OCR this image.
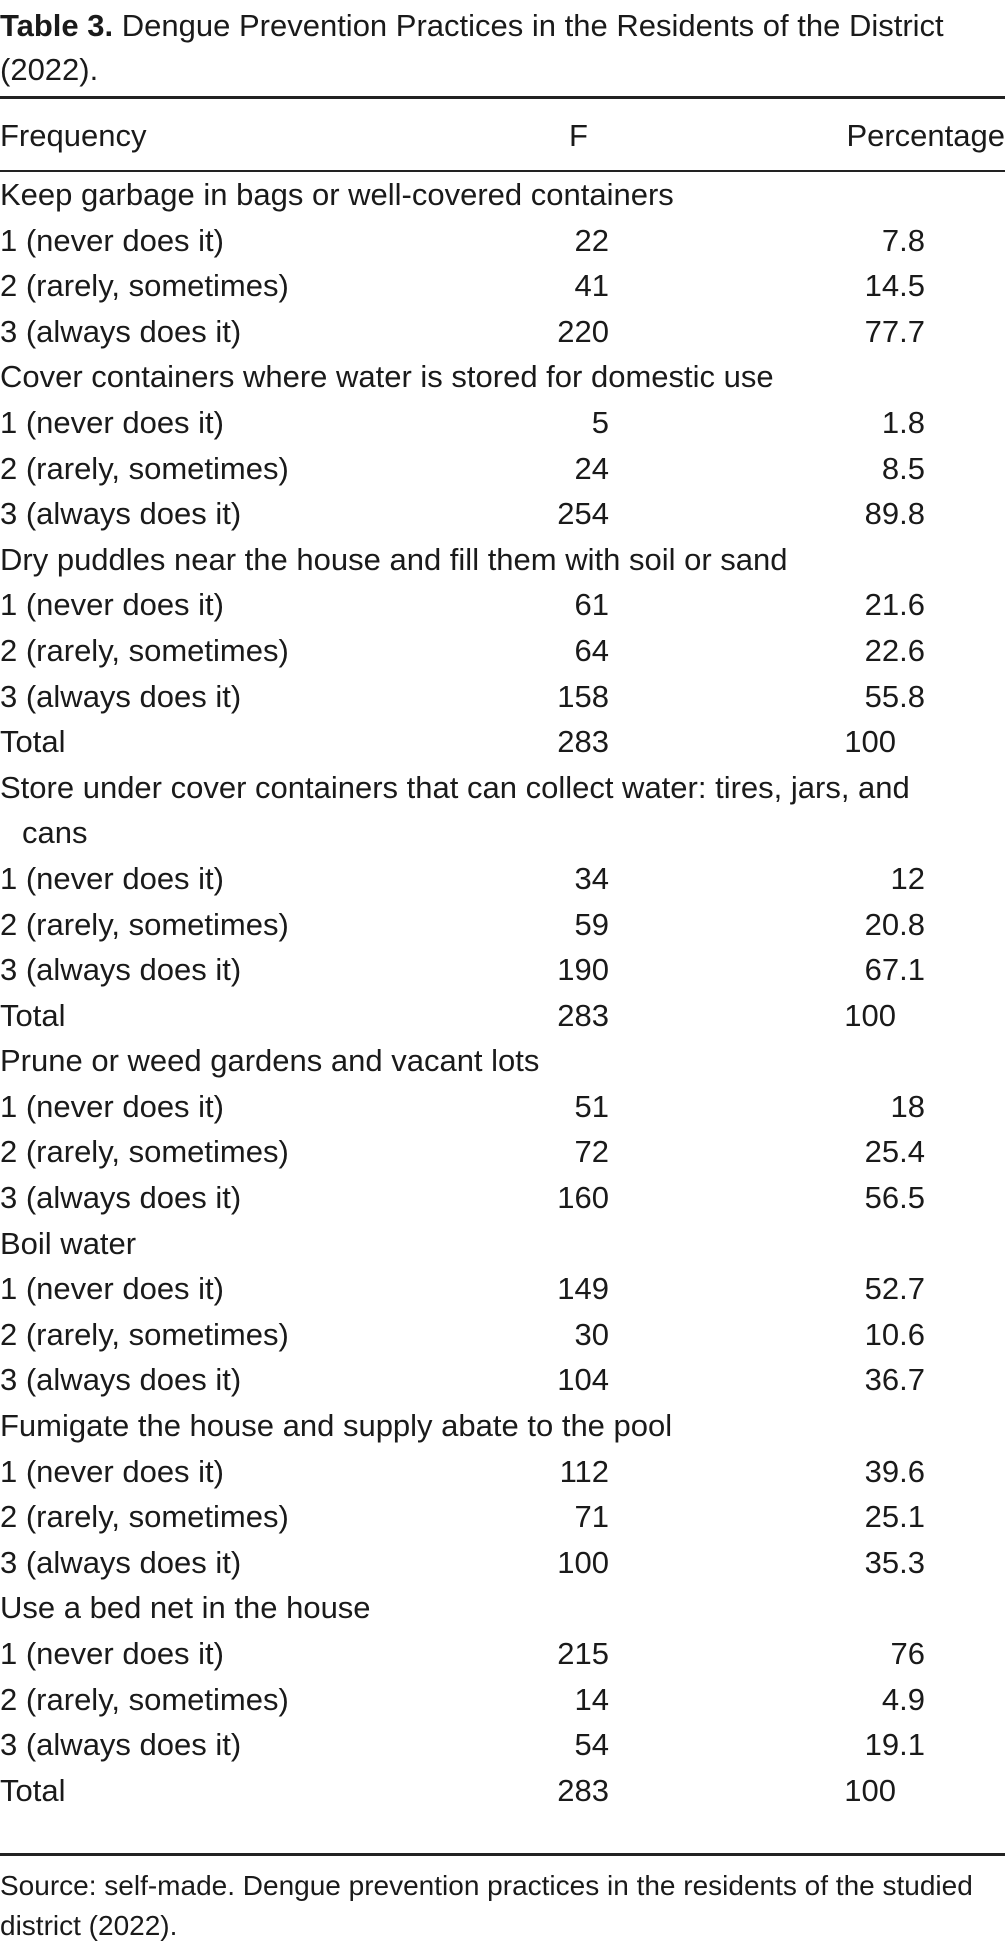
Table 3. Dengue Prevention Practices in the Residents of the District (2022).
Frequency	F	Percentage
Keep garbage in bags or well-covered containers
1 (never does it)	22	7.8
2 (rarely, sometimes)	41	14.5
3 (always does it)	220	77.7
Cover containers where water is stored for domestic use
1 (never does it)	5	1.8
2 (rarely, sometimes)	24	8.5
3 (always does it)	254	89.8
Dry puddles near the house and fill them with soil or sand
1 (never does it)	61	21.6
2 (rarely, sometimes)	64	22.6
3 (always does it)	158	55.8
Total	283	100
Store under cover containers that can collect water: tires, jars, and
cans
1 (never does it)	34	12
2 (rarely, sometimes)	59	20.8
3 (always does it)	190	67.1
Total	283	100
Prune or weed gardens and vacant lots
1 (never does it)	51	18
2 (rarely, sometimes)	72	25.4
3 (always does it)	160	56.5
Boil water
1 (never does it)	149	52.7
2 (rarely, sometimes)	30	10.6
3 (always does it)	104	36.7
Fumigate the house and supply abate to the pool
1 (never does it)	112	39.6
2 (rarely, sometimes)	71	25.1
3 (always does it)	100	35.3
Use a bed net in the house
1 (never does it)	215	76
2 (rarely, sometimes)	14	4.9
3 (always does it)	54	19.1
Total	283	100
Source: self-made. Dengue prevention practices in the residents of the studied district (2022).
